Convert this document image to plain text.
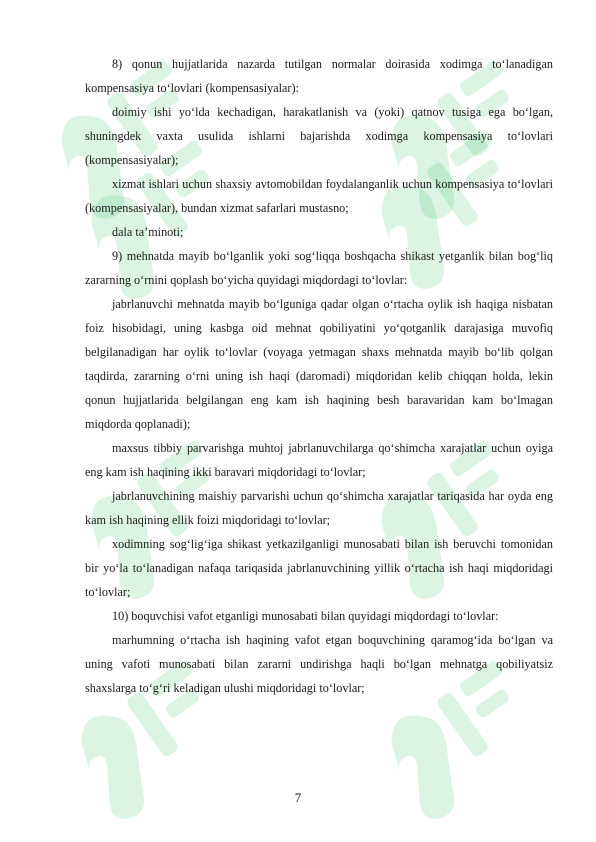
8) qonun hujjatlarida nazarda tutilgan normalar doirasida xodimga to‘lanadigan kompensasiya to‘lovlari (kompensasiyalar):

doimiy ishi yo‘lda kechadigan, harakatlanish va (yoki) qatnov tusiga ega bo‘lgan, shuningdek vaxta usulida ishlarni bajarishda xodimga kompensasiya to‘lovlari (kompensasiyalar);

xizmat ishlari uchun shaxsiy avtomobildan foydalanganlik uchun kompensasiya to‘lovlari (kompensasiyalar), bundan xizmat safarlari mustasno;

dala ta’minoti;

9) mehnatda mayib bo‘lganlik yoki sog‘liqqa boshqacha shikast yetganlik bilan bog‘liq zararning o‘rnini qoplash bo‘yicha quyidagi miqdordagi to‘lovlar:

jabrlanuvchi mehnatda mayib bo‘lguniga qadar olgan o‘rtacha oylik ish haqiga nisbatan foiz hisobidagi, uning kasbga oid mehnat qobiliyatini yo‘qotganlik darajasiga muvofiq belgilanadigan har oylik to‘lovlar (voyaga yetmagan shaxs mehnatda mayib bo‘lib qolgan taqdirda, zararning o‘rni uning ish haqi (daromadi) miqdoridan kelib chiqqan holda, lekin qonun hujjatlarida belgilangan eng kam ish haqining besh baravaridan kam bo‘lmagan miqdorda qoplanadi);

maxsus tibbiy parvarishga muhtoj jabrlanuvchilarga qo‘shimcha xarajatlar uchun oyiga eng kam ish haqining ikki baravari miqdoridagi to‘lovlar;

jabrlanuvchining maishiy parvarishi uchun qo‘shimcha xarajatlar tariqasida har oyda eng kam ish haqining ellik foizi miqdoridagi to‘lovlar;

xodimning sog‘lig‘iga shikast yetkazilganligi munosabati bilan ish beruvchi tomonidan bir yo‘la to‘lanadigan nafaqa tariqasida jabrlanuvchining yillik o‘rtacha ish haqi miqdoridagi to‘lovlar;

10) boquvchisi vafot etganligi munosabati bilan quyidagi miqdordagi to‘lovlar:

marhumning o‘rtacha ish haqining vafot etgan boquvchining qaramog‘ida bo‘lgan va uning vafoti munosabati bilan zararni undirishga haqli bo‘lgan mehnatga qobiliyatsiz shaxslarga to‘g‘ri keladigan ulushi miqdoridagi to‘lovlar;

7
